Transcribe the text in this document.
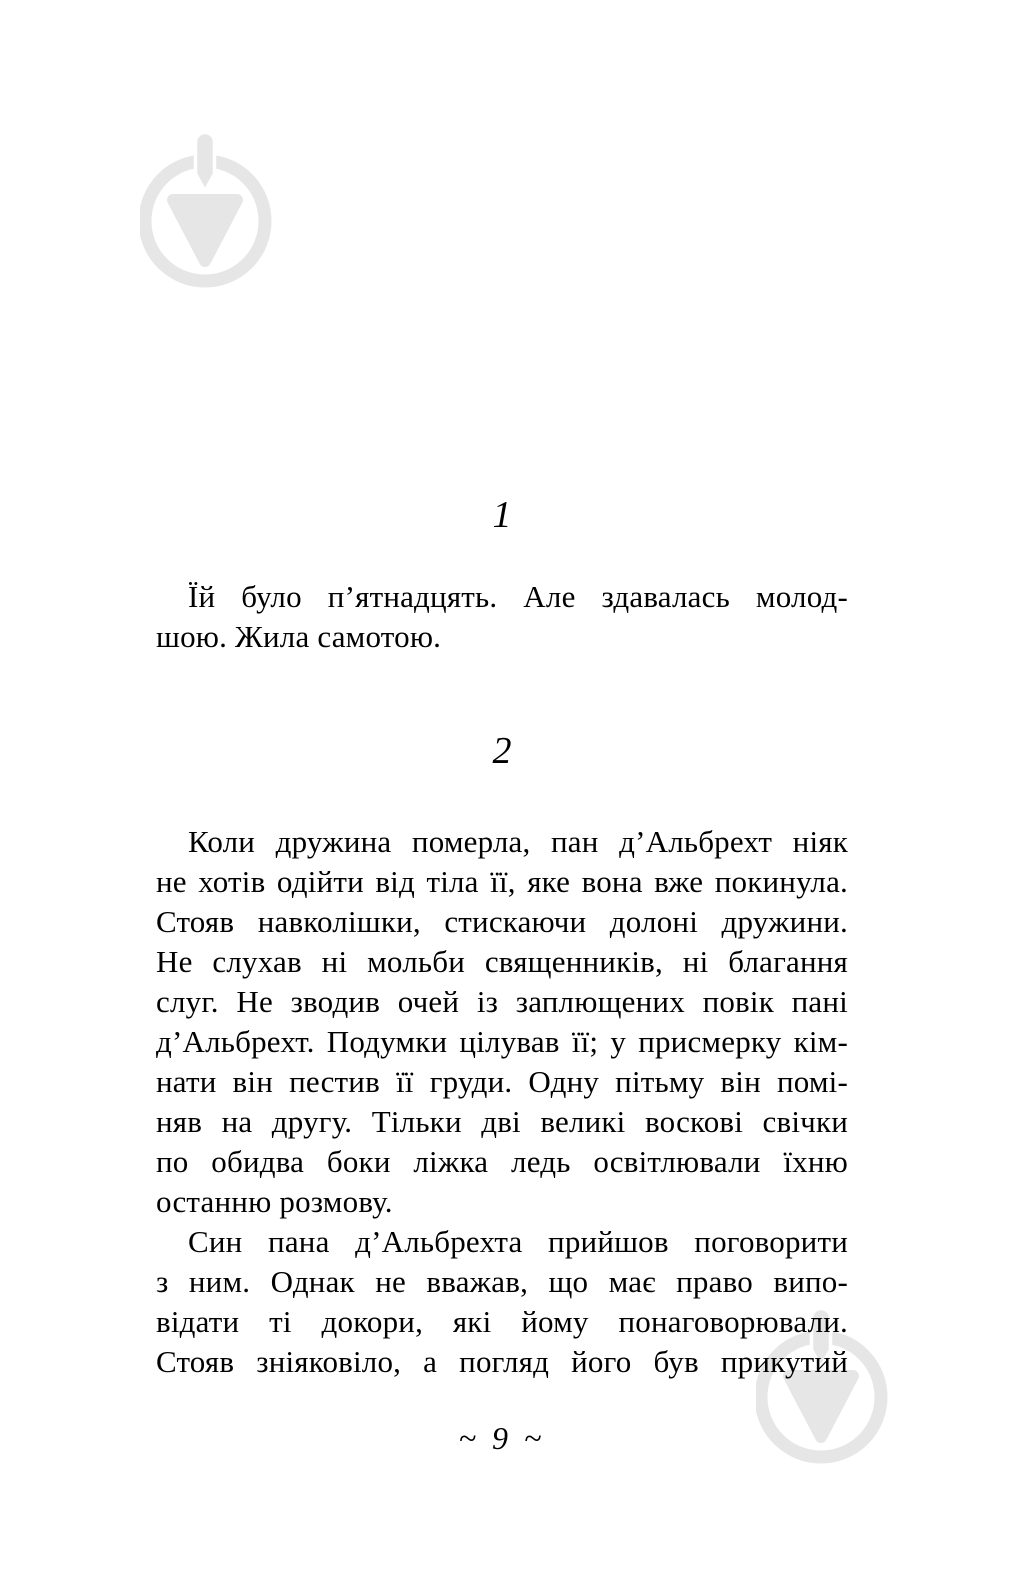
1
Їй було п’ятнадцять. Але здавалась молод-
шою. Жила самотою.
2
Коли дружина померла, пан д’Альбрехт ніяк
не хотів одійти від тіла її, яке вона вже покинула.
Стояв навколішки, стискаючи долоні дружини.
Не слухав ні мольби священників, ні благання
слуг. Не зводив очей із заплющених повік пані
д’Альбрехт. Подумки цілував її; у присмерку кім-
нати він пестив її груди. Одну пітьму він помі-
няв на другу. Тільки дві великі воскові свічки
по обидва боки ліжка ледь освітлювали їхню
останню розмову.
Син пана д’Альбрехта прийшов поговорити
з ним. Однак не вважав, що має право випо-
відати ті докори, які йому понаговорювали.
Стояв зніяковіло, а погляд його був прикутий
~ 9 ~
